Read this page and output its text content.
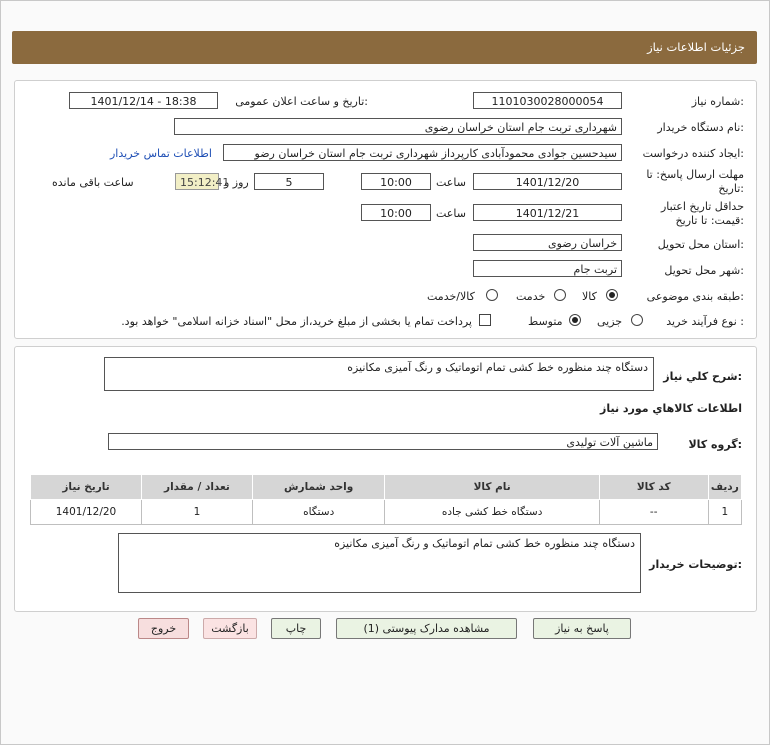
جزئیات اطلاعات نیاز
شماره نیاز:
1101030028000054
تاریخ و ساعت اعلان عمومی:
1401/12/14 - 18:38
نام دستگاه خریدار:
شهرداری تربت جام استان خراسان رضوی
ایجاد کننده درخواست:
سیدحسین جوادی محمودآبادی کارپرداز شهرداری تربت جام استان خراسان رضو
اطلاعات تماس خریدار
مهلت ارسال پاسخ: تا تاریخ:
1401/12/20
ساعت
10:00
5
روز و
15:12:41
ساعت باقی مانده
حداقل تاریخ اعتبار قیمت: تا تاریخ:
1401/12/21
ساعت
10:00
استان محل تحویل:
خراسان رضوی
شهر محل تحویل:
تربت جام
طبقه بندی موضوعی:
کالا
خدمت
کالا/خدمت
نوع فرآیند خرید :
جزیی
متوسط
پرداخت تمام یا بخشی از مبلغ خرید،از محل "اسناد خزانه اسلامی" خواهد بود.
شرح کلي نياز:
دستگاه چند منظوره خط کشی تمام اتوماتیک و رنگ آمیزی مکانیزه
اطلاعات کالاهاي مورد نياز
گروه کالا:
ماشین آلات تولیدی
ردیف	کد کالا	نام کالا	واحد شمارش	تعداد / مقدار	تاریخ نیاز
1	--	دستگاه خط کشی جاده	دستگاه	1	1401/12/20
توضیحات خریدار:
دستگاه چند منظوره خط کشی تمام اتوماتیک و رنگ آمیزی مکانیزه
پاسخ به نیاز
مشاهده مدارک پیوستی (1)
چاپ
بازگشت
خروج
